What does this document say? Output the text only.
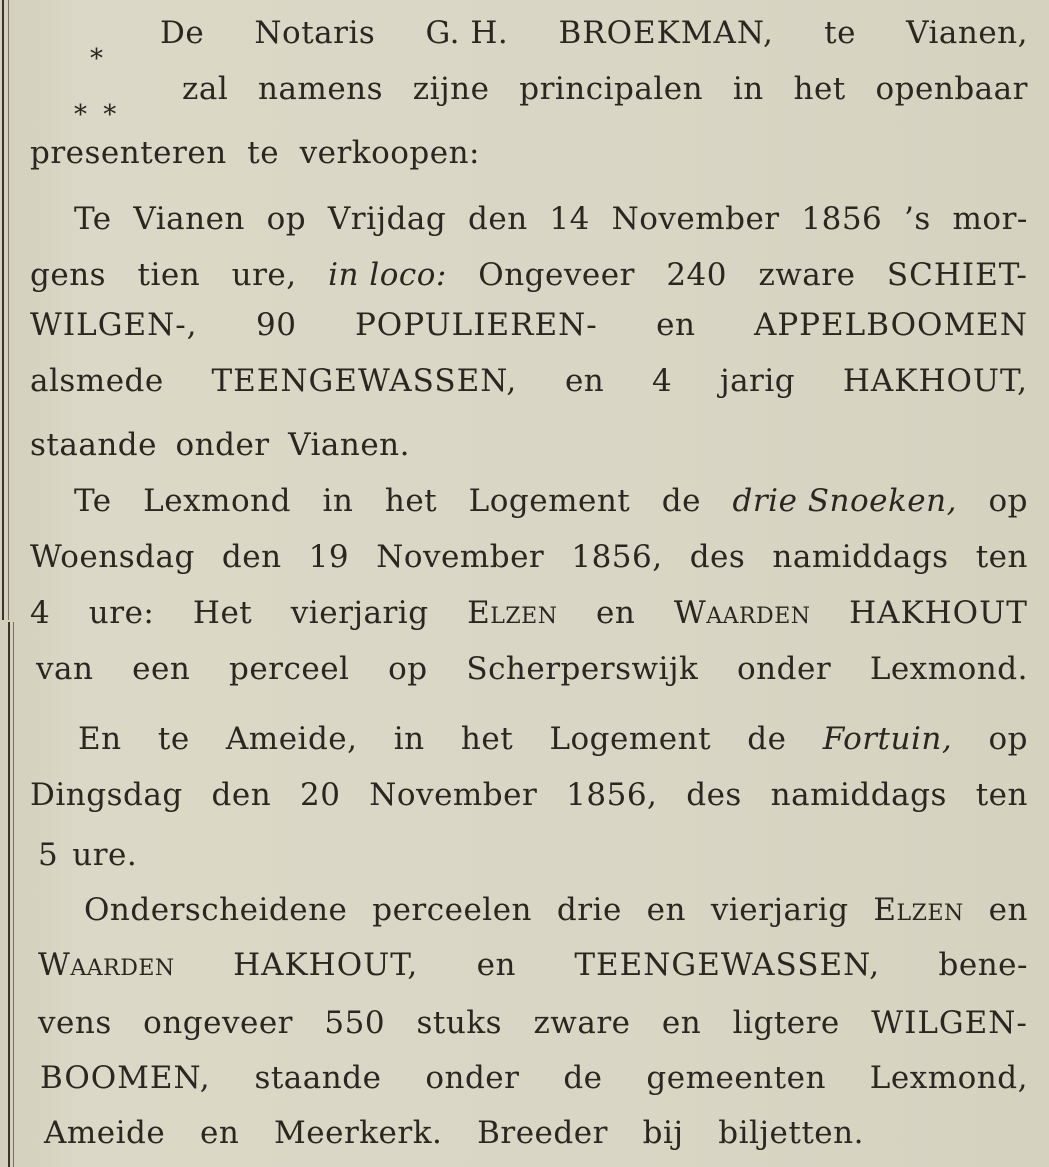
*
* *
De Notaris G. H. BROEKMAN, te Vianen,
zal namens zijne principalen in het openbaar
presenteren te verkoopen:
Te Vianen op Vrijdag den 14 November 1856 ’s mor-
gens tien ure, in loco: Ongeveer 240 zware SCHIET-
WILGEN-, 90 POPULIEREN- en APPELBOOMEN
alsmede TEENGEWASSEN, en 4 jarig HAKHOUT,
staande onder Vianen.
Te Lexmond in het Logement de drie Snoeken, op
Woensdag den 19 November 1856, des namiddags ten
4 ure: Het vierjarig Elzen en Waarden HAKHOUT
van een perceel op Scherperswijk onder Lexmond.
En te Ameide, in het Logement de Fortuin, op
Dingsdag den 20 November 1856, des namiddags ten
5 ure.
Onderscheidene perceelen drie en vierjarig Elzen en
Waarden HAKHOUT, en TEENGEWASSEN, bene-
vens ongeveer 550 stuks zware en ligtere WILGEN-
BOOMEN, staande onder de gemeenten Lexmond,
Ameide en Meerkerk. Breeder bij biljetten.
